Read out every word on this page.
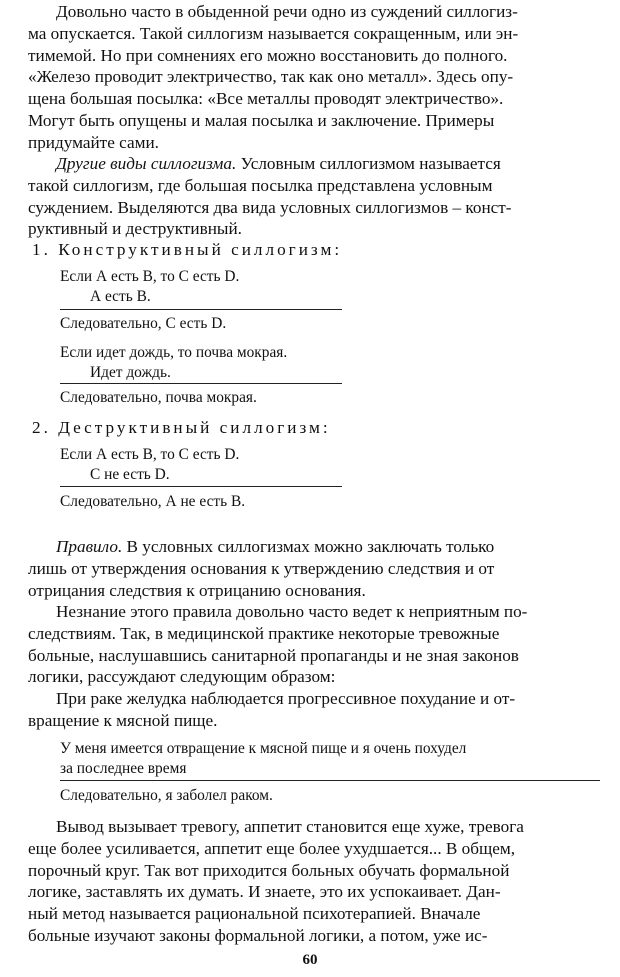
Довольно часто в обыденной речи одно из суждений силлогиз-
ма опускается. Такой силлогизм называется сокращенным, или эн-
тимемой. Но при сомнениях его можно восстановить до полного.
«Железо проводит электричество, так как оно металл». Здесь опу-
щена большая посылка: «Все металлы проводят электричество».
Могут быть опущены и малая посылка и заключение. Примеры
придумайте сами.
Другие виды силлогизма. Условным силлогизмом называется
такой силлогизм, где большая посылка представлена условным
суждением. Выделяются два вида условных силлогизмов – конст-
руктивный и деструктивный.
1. Конструктивный силлогизм:
Если А есть В, то С есть D.
А есть В.
Следовательно, С есть D.
Если идет дождь, то почва мокрая.
Идет дождь.
Следовательно, почва мокрая.
2. Деструктивный силлогизм:
Если А есть В, то С есть D.
С не есть D.
Следовательно, А не есть В.
Правило. В условных силлогизмах можно заключать только
лишь от утверждения основания к утверждению следствия и от
отрицания следствия к отрицанию основания.
Незнание этого правила довольно часто ведет к неприятным по-
следствиям. Так, в медицинской практике некоторые тревожные
больные, наслушавшись санитарной пропаганды и не зная законов
логики, рассуждают следующим образом:
При раке желудка наблюдается прогрессивное похудание и от-
вращение к мясной пище.
У меня имеется отвращение к мясной пище и я очень похудел
за последнее время
Следовательно, я заболел раком.
Вывод вызывает тревогу, аппетит становится еще хуже, тревога
еще более усиливается, аппетит еще более ухудшается... В общем,
порочный круг. Так вот приходится больных обучать формальной
логике, заставлять их думать. И знаете, это их успокаивает. Дан-
ный метод называется рациональной психотерапией. Вначале
больные изучают законы формальной логики, а потом, уже ис-
60
